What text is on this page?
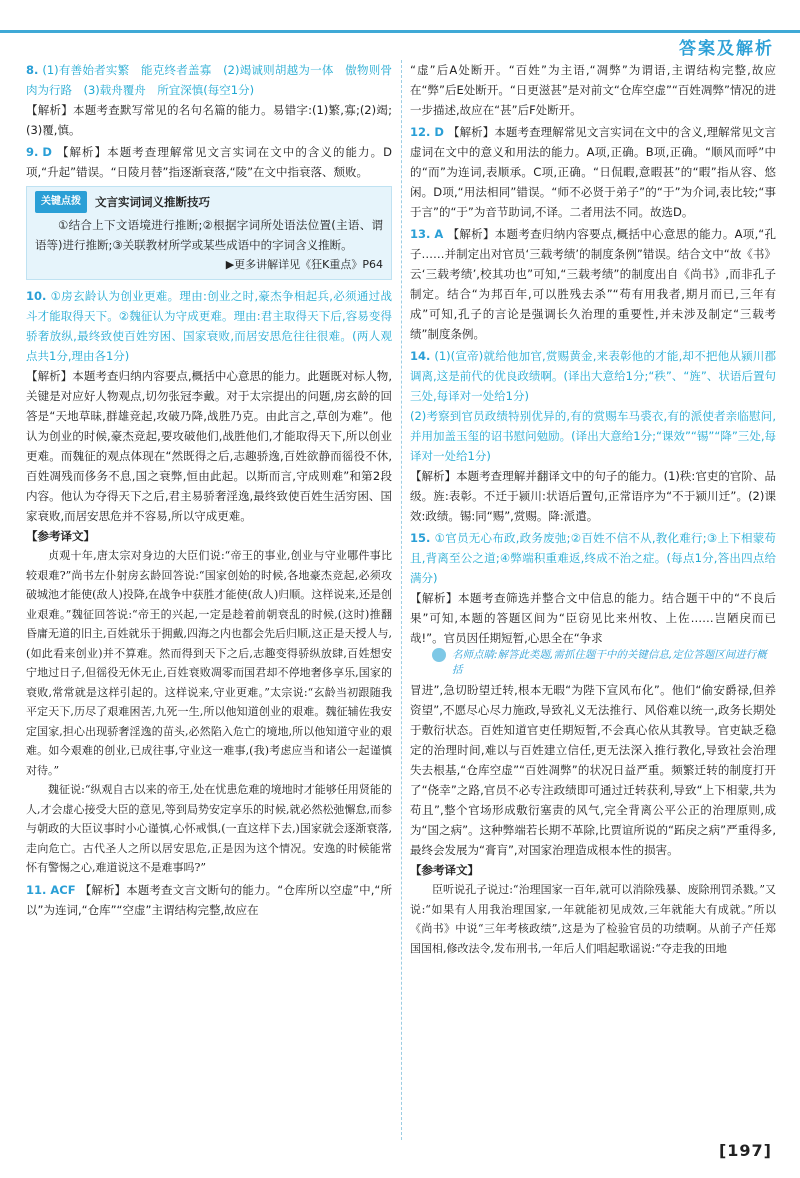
答案及解析

8. (1)有善始者实繁　能克终者盖寡　(2)竭诚则胡越为一体　傲物则骨肉为行路　(3)载舟覆舟　所宜深慎(每空1分)

【解析】本题考查默写常见的名句名篇的能力。易错字:(1)繁,寡;(2)竭;(3)覆,慎。

9. D 【解析】本题考查理解常见文言实词在文中的含义的能力。D项,“升起”错误。“日陵月替”指逐渐衰落,“陵”在文中指衰落、颓败。

关键点拨	文言实词词义推断技巧
①结合上下文语境进行推断;②根据字词所处语法位置(主语、谓语等)进行推断;③关联教材所学或某些成语中的字词含义推断。
▶更多讲解详见《狂K重点》P64

10. ①房玄龄认为创业更难。理由:创业之时,豪杰争相起兵,必须通过战斗才能取得天下。②魏征认为守成更难。理由:君主取得天下后,容易变得骄奢放纵,最终致使百姓穷困、国家衰败,而居安思危往往很难。(两人观点共1分,理由各1分)

【解析】本题考查归纳内容要点,概括中心意思的能力。此题既对标人物,关键是对应好人物观点,切勿张冠李戴。对于太宗提出的问题,房玄龄的回答是“天地草昧,群雄竞起,攻破乃降,战胜乃克。由此言之,草创为难”。他认为创业的时候,豪杰竞起,要攻破他们,战胜他们,才能取得天下,所以创业更难。而魏征的观点体现在“然既得之后,志趣骄逸,百姓欲静而徭役不休,百姓凋残而侈务不息,国之衰弊,恒由此起。以斯而言,守成则难”和第2段内容。他认为夺得天下之后,君主易骄奢淫逸,最终致使百姓生活穷困、国家衰败,而居安思危并不容易,所以守成更难。

【参考译文】

贞观十年,唐太宗对身边的大臣们说:“帝王的事业,创业与守业哪件事比较艰难?”尚书左仆射房玄龄回答说:“国家创始的时候,各地豪杰竞起,必须攻破城池才能使(敌人)投降,在战争中获胜才能使(敌人)归顺。这样说来,还是创业艰难。”魏征回答说:“帝王的兴起,一定是趁着前朝衰乱的时候,(这时)推翻昏庸无道的旧主,百姓就乐于拥戴,四海之内也都会先后归顺,这正是天授人与,(如此看来创业)并不算难。然而得到天下之后,志趣变得骄纵放肆,百姓想安宁地过日子,但徭役无休无止,百姓衰败凋零而国君却不停地奢侈享乐,国家的衰败,常常就是这样引起的。这样说来,守业更难。”太宗说:“玄龄当初跟随我平定天下,历尽了艰难困苦,九死一生,所以他知道创业的艰难。魏征辅佐我安定国家,担心出现骄奢淫逸的苗头,必然陷入危亡的境地,所以他知道守业的艰难。如今艰难的创业,已成往事,守业这一难事,(我)考虑应当和诸公一起谨慎对待。”

魏征说:“纵观自古以来的帝王,处在忧患危难的境地时才能够任用贤能的人,才会虚心接受大臣的意见,等到局势安定享乐的时候,就必然松弛懈怠,而参与朝政的大臣议事时小心谨慎,心怀戒惧,(一直这样下去,)国家就会逐渐衰落,走向危亡。古代圣人之所以居安思危,正是因为这个情况。安逸的时候能常怀有警惕之心,难道说这不是难事吗?”

11. ACF 【解析】本题考查文言文断句的能力。“仓库所以空虚”中,“所以”为连词,“仓库”“空虚”主谓结构完整,故应在

“虚”后A处断开。“百姓”为主语,“凋弊”为谓语,主谓结构完整,故应在“弊”后E处断开。“日更滋甚”是对前文“仓库空虚”“百姓凋弊”情况的进一步描述,故应在“甚”后F处断开。

12. D 【解析】本题考查理解常见文言实词在文中的含义,理解常见文言虚词在文中的意义和用法的能力。A项,正确。B项,正确。“顺风而呼”中的“而”为连词,表顺承。C项,正确。“日侃暇,意暇甚”的“暇”指从容、悠闲。D项,“用法相同”错误。“师不必贤于弟子”的“于”为介词,表比较;“事于言”的“于”为音节助词,不译。二者用法不同。故选D。

13. A 【解析】本题考查归纳内容要点,概括中心意思的能力。A项,“孔子……并制定出对官员‘三载考绩’的制度条例”错误。结合文中“故《书》云‘三载考绩’,校其功也”可知,“三载考绩”的制度出自《尚书》,而非孔子制定。结合“为邦百年,可以胜残去杀”“苟有用我者,期月而已,三年有成”可知,孔子的言论是强调长久治理的重要性,并未涉及制定“三载考绩”制度条例。

14. (1)(宣帝)就给他加官,赏赐黄金,来表彰他的才能,却不把他从颍川郡调离,这是前代的优良政绩啊。(译出大意给1分;“秩”、“旌”、状语后置句三处,每译对一处给1分)

(2)考察到官员政绩特别优异的,有的赏赐车马裘衣,有的派使者亲临慰问,并用加盖玉玺的诏书慰问勉励。(译出大意给1分;“课效”“锡”“降”三处,每译对一处给1分)

【解析】本题考查理解并翻译文中的句子的能力。(1)秩:官吏的官阶、品级。旌:表彰。不迁于颍川:状语后置句,正常语序为“不于颍川迁”。(2)课效:政绩。锡:同“赐”,赏赐。降:派遣。

15. ①官员无心布政,政务废弛;②百姓不信不从,教化难行;③上下相蒙苟且,背离至公之道;④弊端积重难返,终成不治之症。(每点1分,答出四点给满分)

【解析】本题考查筛选并整合文中信息的能力。结合题干中的“不良后果”可知,本题的答题区间为“臣窃见比来州牧、上佐……岂陋戾而已哉!”。官员因任期短暂,心思全在“争求

名师点睛:解答此类题,需抓住题干中的关键信息,定位答题区间进行概括

冒进”,急切盼望迁转,根本无暇“为陛下宣风布化”。他们“偷安爵禄,但养资望”,不愿尽心尽力施政,导致礼义无法推行、风俗难以统一,政务长期处于敷衍状态。百姓知道官吏任期短暂,不会真心依从其教导。官吏缺乏稳定的治理时间,难以与百姓建立信任,更无法深入推行教化,导致社会治理失去根基,“仓库空虚”“百姓凋弊”的状况日益严重。频繁迁转的制度打开了“侥幸”之路,官员不必专注政绩即可通过迁转获利,导致“上下相蒙,共为苟且”,整个官场形成敷衍塞责的风气,完全背离公平公正的治理原则,成为“国之病”。这种弊端若长期不革除,比贾谊所说的“跖戾之病”严重得多,最终会发展为“膏肓”,对国家治理造成根本性的损害。

【参考译文】

臣听说孔子说过:“治理国家一百年,就可以消除残暴、废除刑罚杀戮。”又说:“如果有人用我治理国家,一年就能初见成效,三年就能大有成就。”所以《尚书》中说“三年考核政绩”,这是为了检验官员的功绩啊。从前子产任郑国国相,修改法令,发布刑书,一年后人们唱起歌谣说:“夺走我的田地

[197]
